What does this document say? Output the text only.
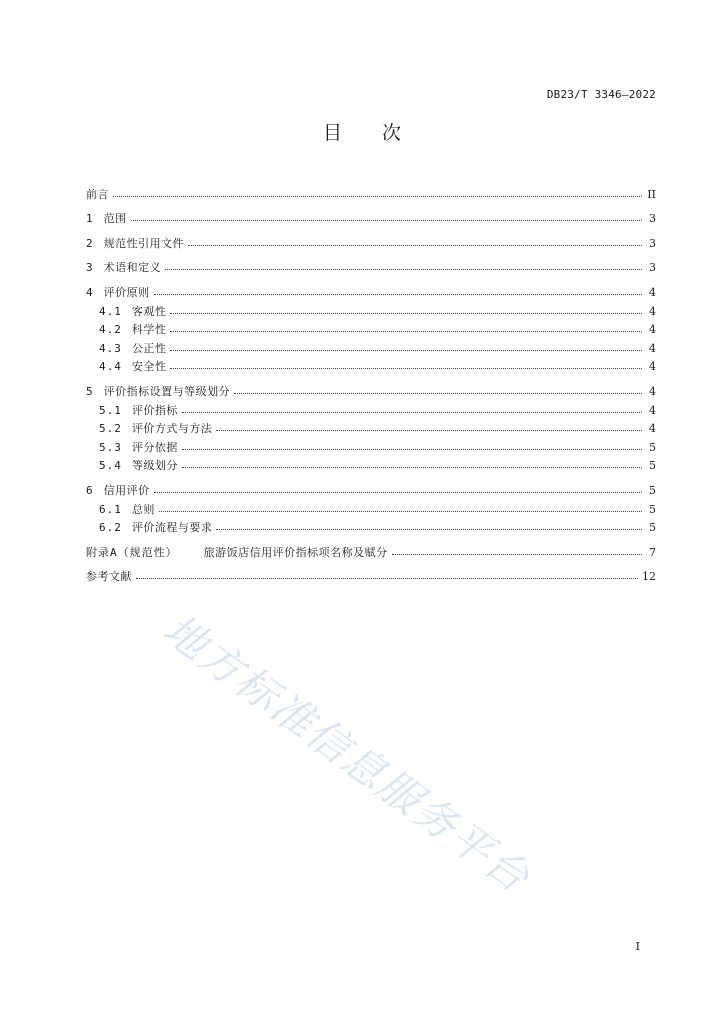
DB23/T 3346—2022
目次
前言	II
1 范围	3
2 规范性引用文件	3
3 术语和定义	3
4 评价原则	4
4.1 客观性	4
4.2 科学性	4
4.3 公正性	4
4.4 安全性	4
5 评价指标设置与等级划分	4
5.1 评价指标	4
5.2 评价方式与方法	4
5.3 评分依据	5
5.4 等级划分	5
6 信用评价	5
6.1 总则	5
6.2 评价流程与要求	5
附录A（规范性） 旅游饭店信用评价指标项名称及赋分	7
参考文献	12
地方标准信息服务平台
I
